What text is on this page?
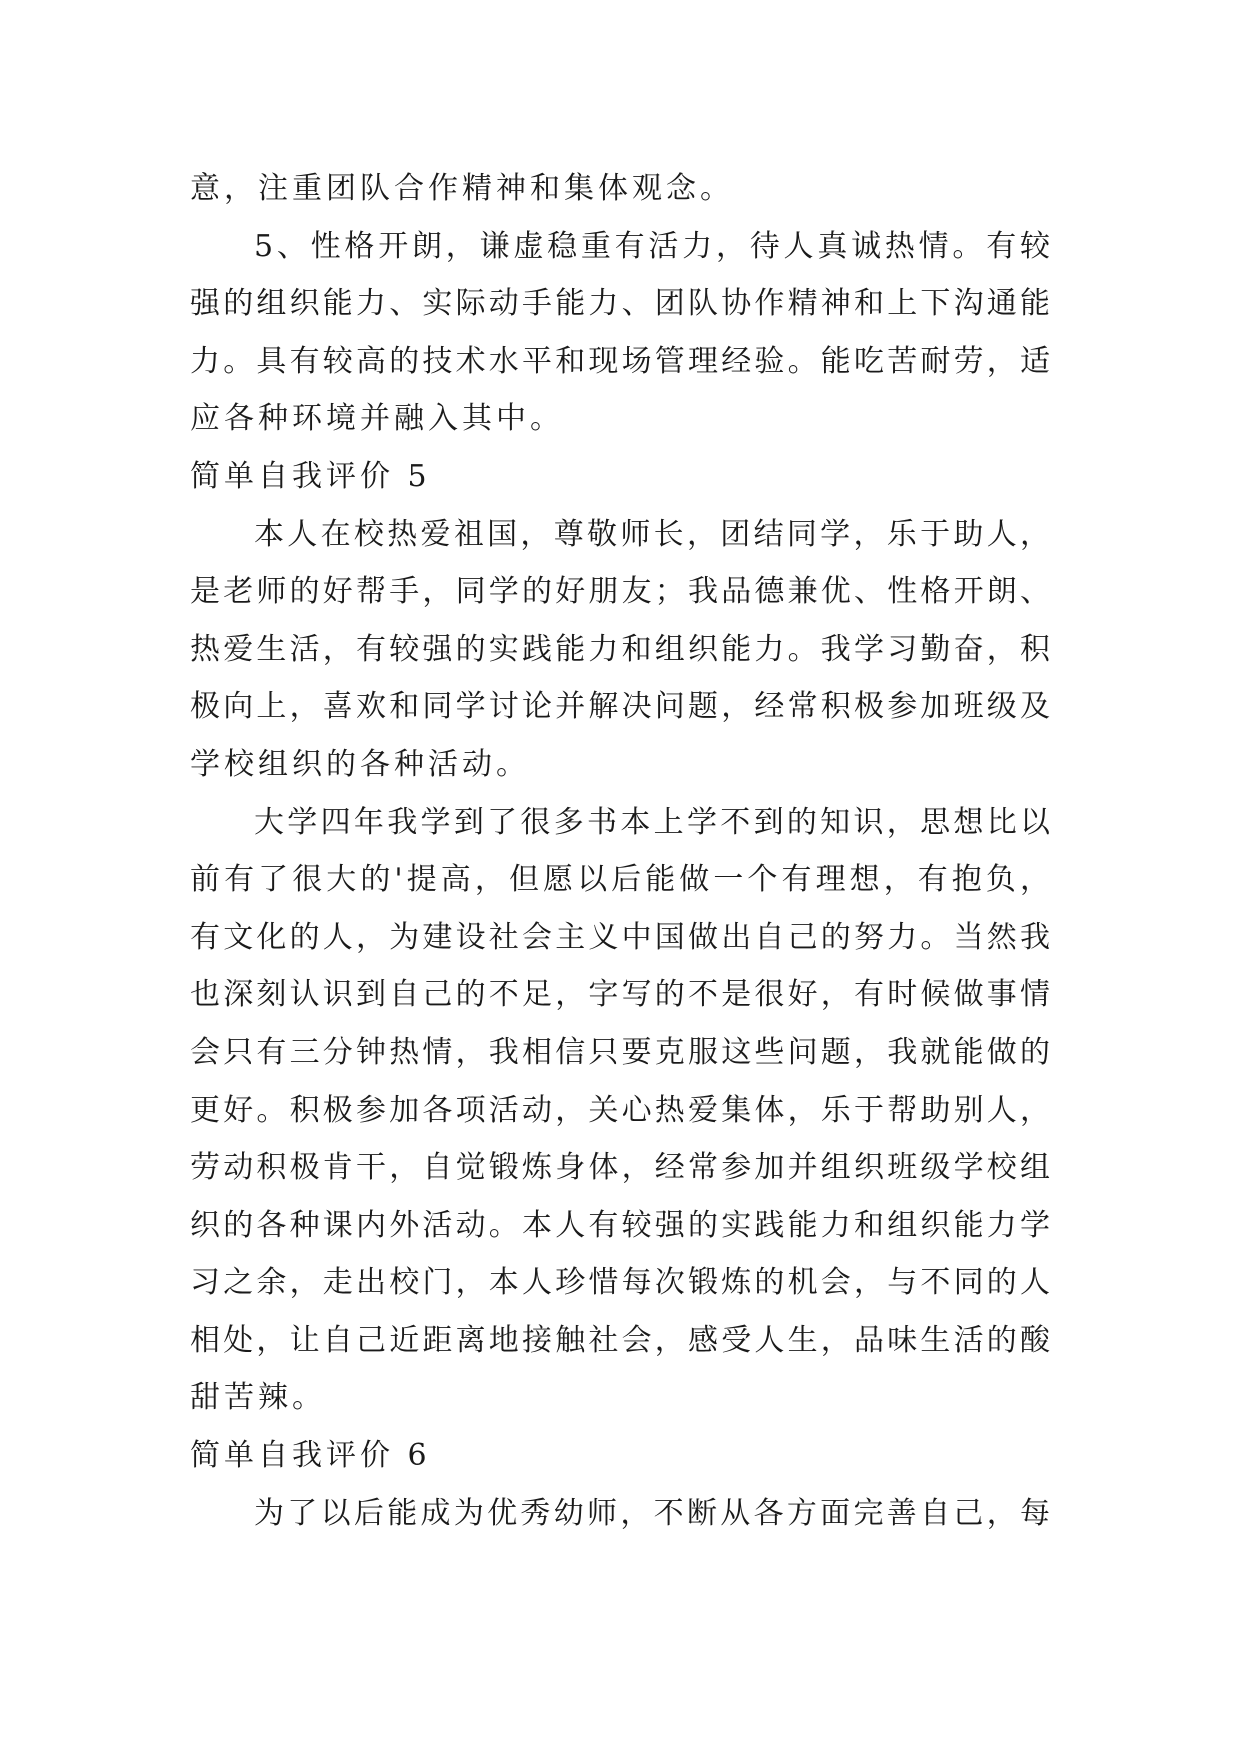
意，注重团队合作精神和集体观念。
5、性格开朗，谦虚稳重有活力，待人真诚热情。有较
强的组织能力、实际动手能力、团队协作精神和上下沟通能
力。具有较高的技术水平和现场管理经验。能吃苦耐劳，适
应各种环境并融入其中。
简单自我评价 5
本人在校热爱祖国，尊敬师长，团结同学，乐于助人，
是老师的好帮手，同学的好朋友；我品德兼优、性格开朗、
热爱生活，有较强的实践能力和组织能力。我学习勤奋，积
极向上，喜欢和同学讨论并解决问题，经常积极参加班级及
学校组织的各种活动。
大学四年我学到了很多书本上学不到的知识，思想比以
前有了很大的'提高，但愿以后能做一个有理想，有抱负，
有文化的人，为建设社会主义中国做出自己的努力。当然我
也深刻认识到自己的不足，字写的不是很好，有时候做事情
会只有三分钟热情，我相信只要克服这些问题，我就能做的
更好。积极参加各项活动，关心热爱集体，乐于帮助别人，
劳动积极肯干，自觉锻炼身体，经常参加并组织班级学校组
织的各种课内外活动。本人有较强的实践能力和组织能力学
习之余，走出校门，本人珍惜每次锻炼的机会，与不同的人
相处，让自己近距离地接触社会，感受人生，品味生活的酸
甜苦辣。
简单自我评价 6
为了以后能成为优秀幼师，不断从各方面完善自己，每
